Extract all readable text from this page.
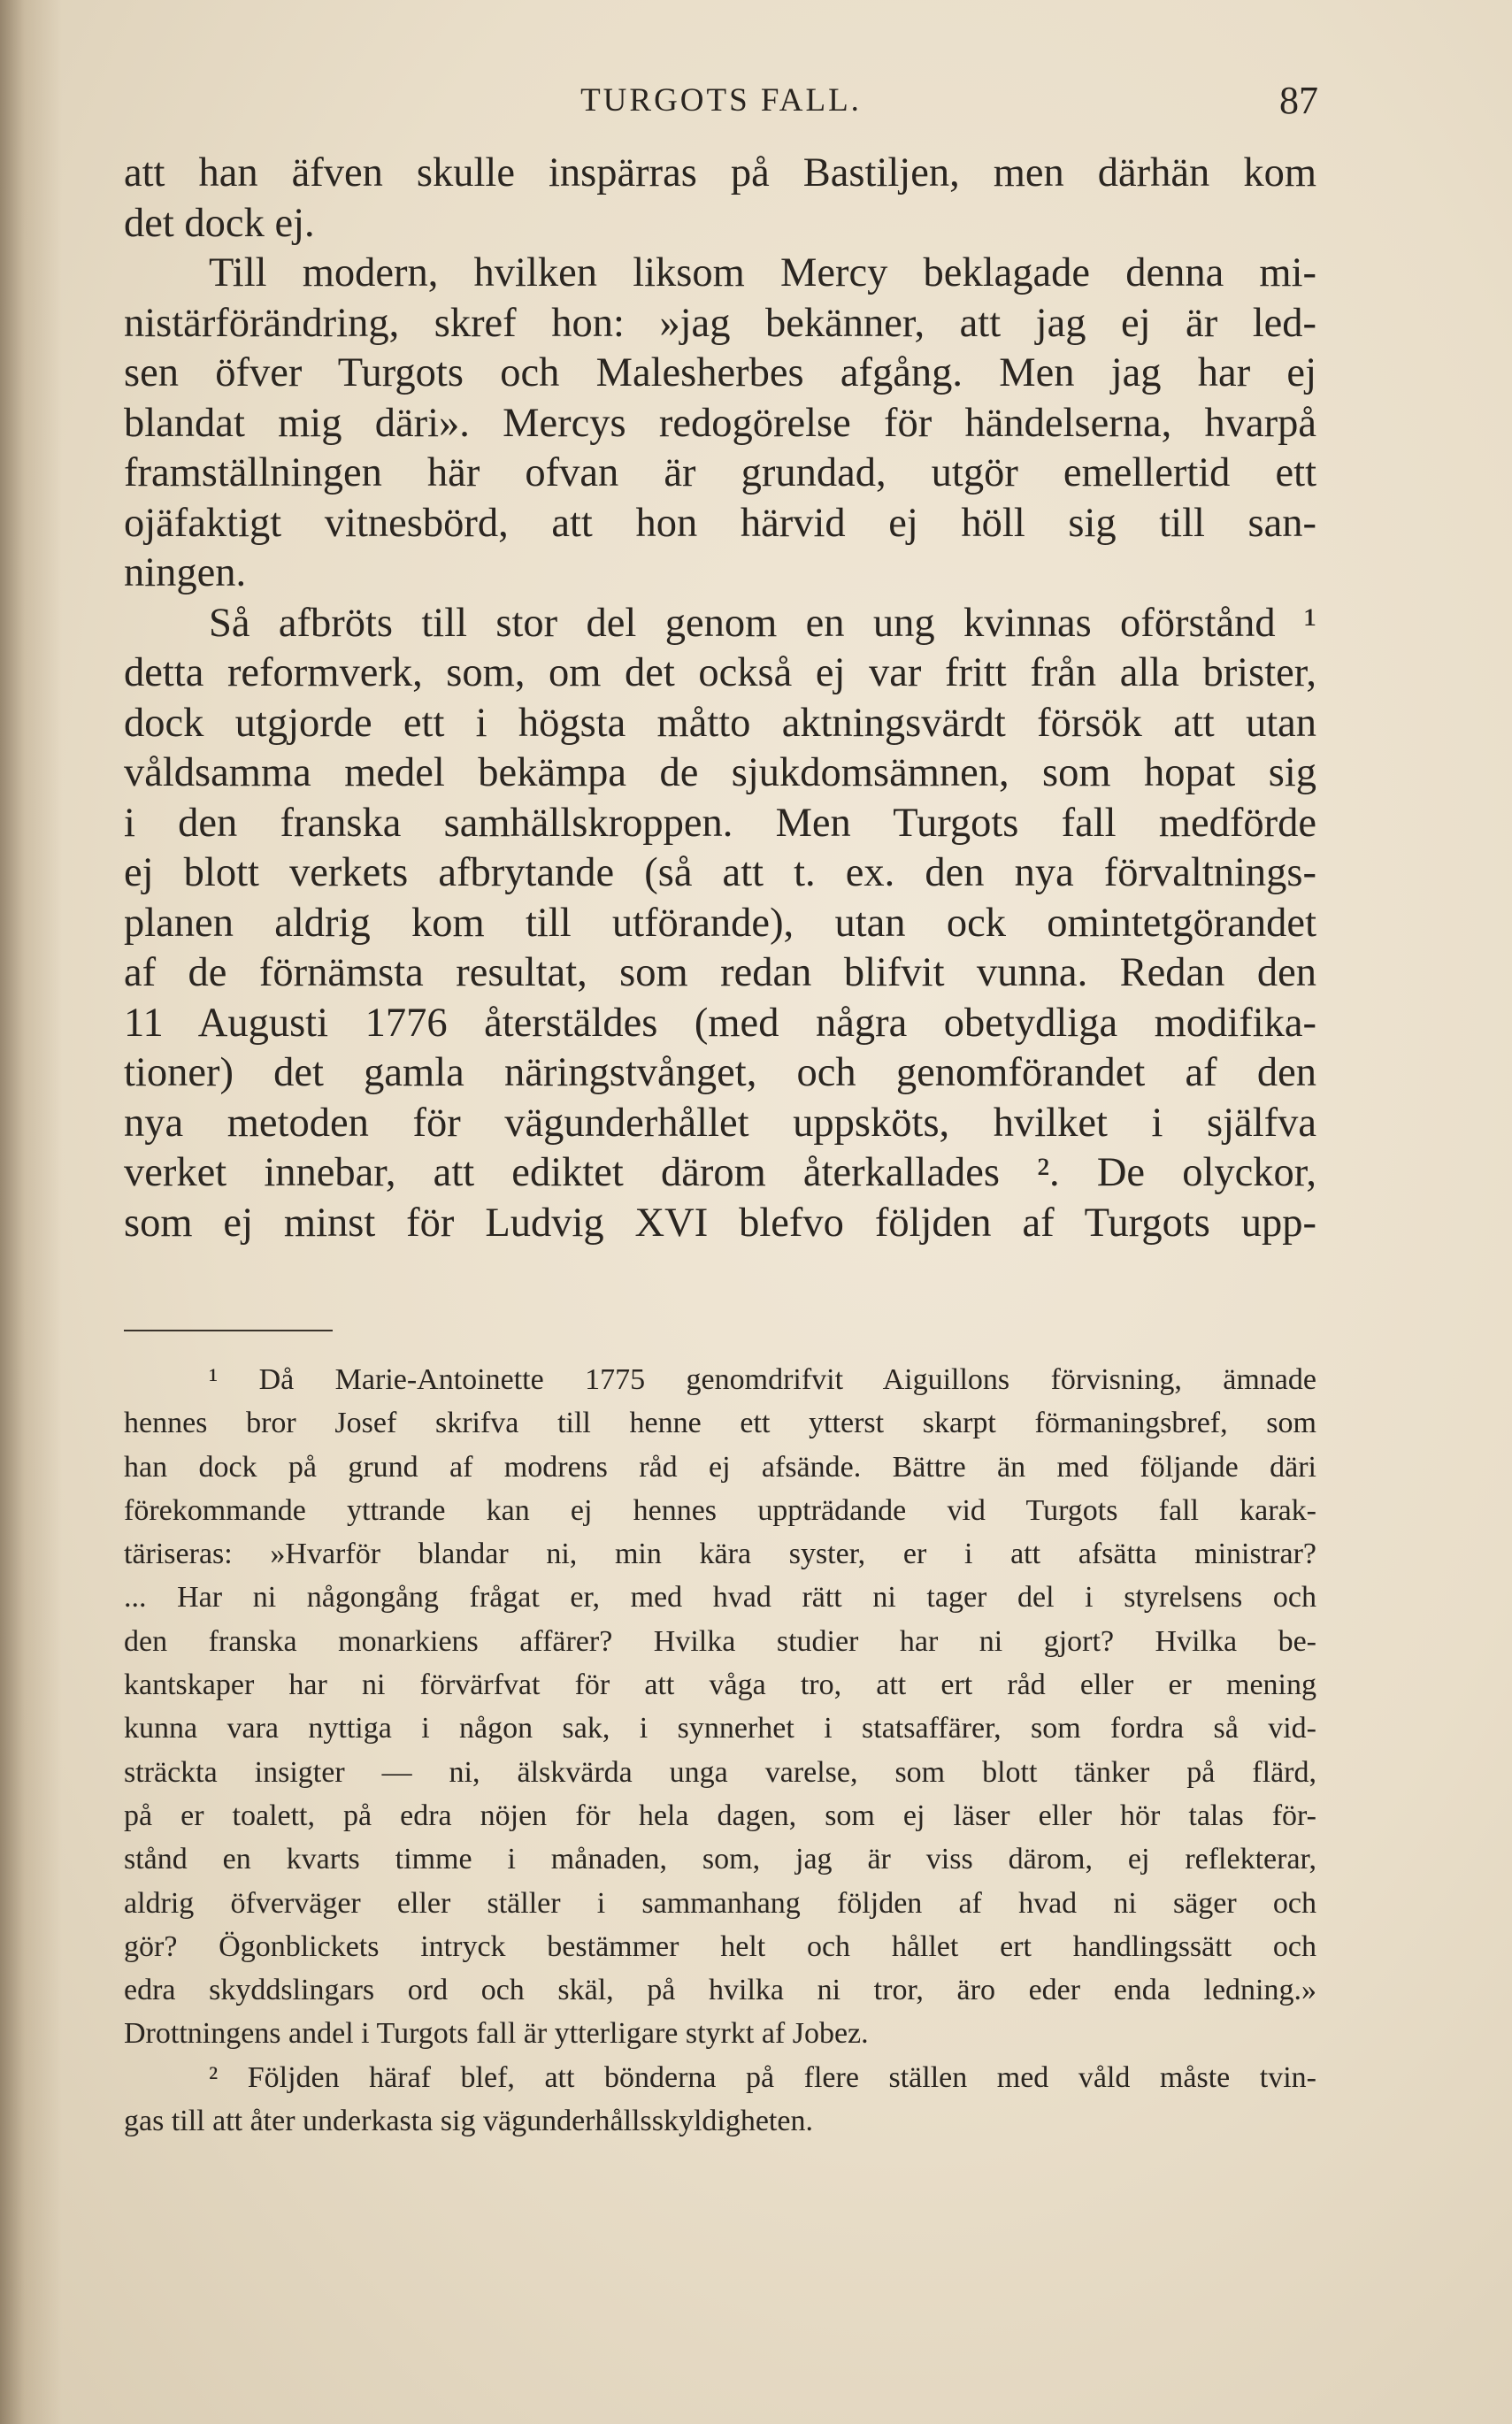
TURGOTS FALL.	87
att han äfven skulle inspärras på Bastiljen, men därhän kom
det dock ej.
Till modern, hvilken liksom Mercy beklagade denna mi-
nistärförändring, skref hon: »jag bekänner, att jag ej är led-
sen öfver Turgots och Malesherbes afgång. Men jag har ej
blandat mig däri». Mercys redogörelse för händelserna, hvarpå
framställningen här ofvan är grundad, utgör emellertid ett
ojäfaktigt vitnesbörd, att hon härvid ej höll sig till san-
ningen.
Så afbröts till stor del genom en ung kvinnas oförstånd ¹
detta reformverk, som, om det också ej var fritt från alla brister,
dock utgjorde ett i högsta måtto aktningsvärdt försök att utan
våldsamma medel bekämpa de sjukdomsämnen, som hopat sig
i den franska samhällskroppen. Men Turgots fall medförde
ej blott verkets afbrytande (så att t. ex. den nya förvaltnings-
planen aldrig kom till utförande), utan ock omintetgörandet
af de förnämsta resultat, som redan blifvit vunna. Redan den
11 Augusti 1776 återstäldes (med några obetydliga modifika-
tioner) det gamla näringstvånget, och genomförandet af den
nya metoden för vägunderhållet uppsköts, hvilket i själfva
verket innebar, att ediktet därom återkallades ². De olyckor,
som ej minst för Ludvig XVI blefvo följden af Turgots upp-
¹ Då Marie-Antoinette 1775 genomdrifvit Aiguillons förvisning, ämnade
hennes bror Josef skrifva till henne ett ytterst skarpt förmaningsbref, som
han dock på grund af modrens råd ej afsände. Bättre än med följande däri
förekommande yttrande kan ej hennes uppträdande vid Turgots fall karak-
täriseras: »Hvarför blandar ni, min kära syster, er i att afsätta ministrar?
... Har ni någongång frågat er, med hvad rätt ni tager del i styrelsens och
den franska monarkiens affärer? Hvilka studier har ni gjort? Hvilka be-
kantskaper har ni förvärfvat för att våga tro, att ert råd eller er mening
kunna vara nyttiga i någon sak, i synnerhet i statsaffärer, som fordra så vid-
sträckta insigter — ni, älskvärda unga varelse, som blott tänker på flärd,
på er toalett, på edra nöjen för hela dagen, som ej läser eller hör talas för-
stånd en kvarts timme i månaden, som, jag är viss därom, ej reflekterar,
aldrig öfverväger eller ställer i sammanhang följden af hvad ni säger och
gör? Ögonblickets intryck bestämmer helt och hållet ert handlingssätt och
edra skyddslingars ord och skäl, på hvilka ni tror, äro eder enda ledning.»
Drottningens andel i Turgots fall är ytterligare styrkt af Jobez.
² Följden häraf blef, att bönderna på flere ställen med våld måste tvin-
gas till att åter underkasta sig vägunderhållsskyldigheten.
